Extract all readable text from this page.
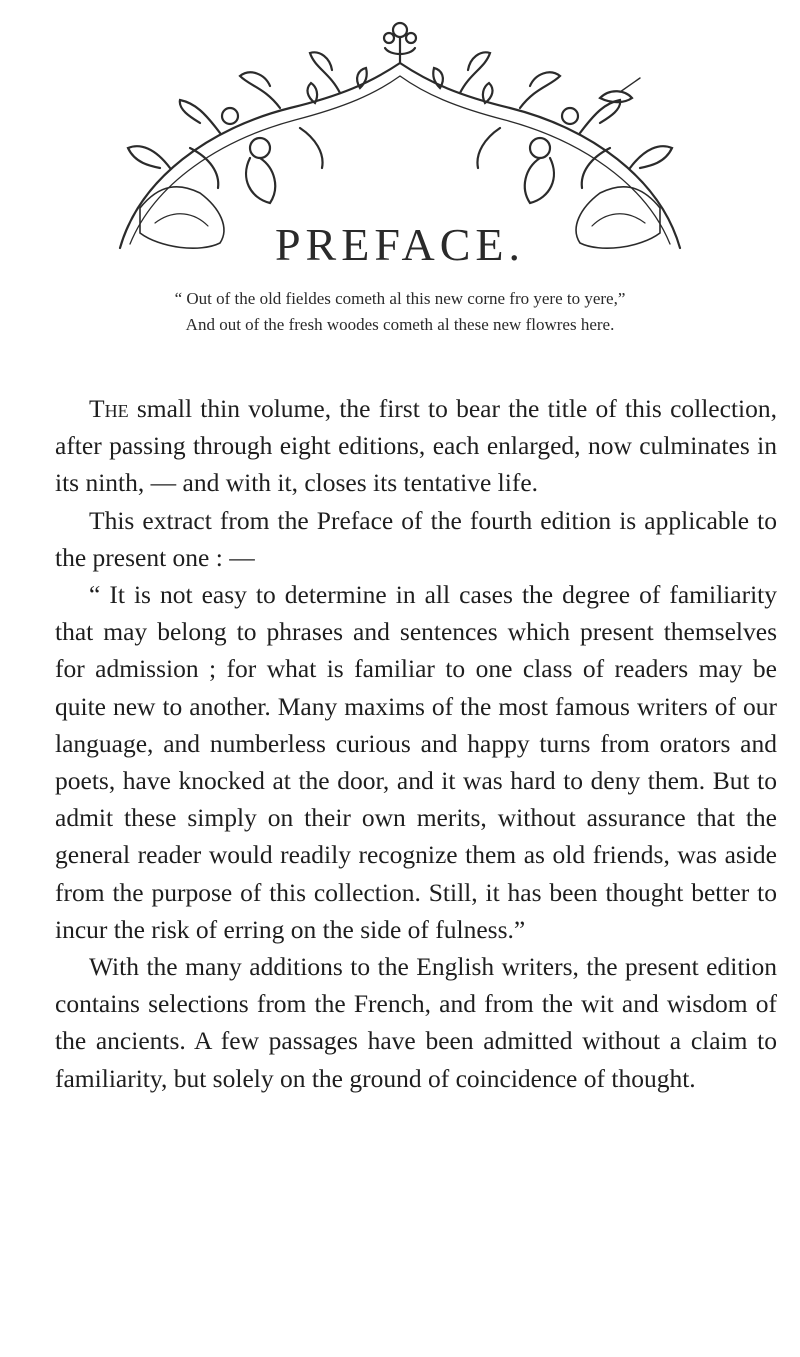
PREFACE.
“ Out of the old fieldes cometh al this new corne fro yere to yere,”
And out of the fresh woodes cometh al these new flowres here.

The small thin volume, the first to bear the title of this collection, after passing through eight editions, each enlarged, now culminates in its ninth, — and with it, closes its tentative life.

This extract from the Preface of the fourth edition is applicable to the present one : —

“ It is not easy to determine in all cases the degree of familiarity that may belong to phrases and sentences which present themselves for admission ; for what is familiar to one class of readers may be quite new to another. Many maxims of the most famous writers of our language, and numberless curious and happy turns from orators and poets, have knocked at the door, and it was hard to deny them. But to admit these simply on their own merits, without assurance that the general reader would readily recognize them as old friends, was aside from the purpose of this collection. Still, it has been thought better to incur the risk of erring on the side of fulness.”

With the many additions to the English writers, the present edition contains selections from the French, and from the wit and wisdom of the ancients. A few passages have been admitted without a claim to familiarity, but solely on the ground of coincidence of thought.
